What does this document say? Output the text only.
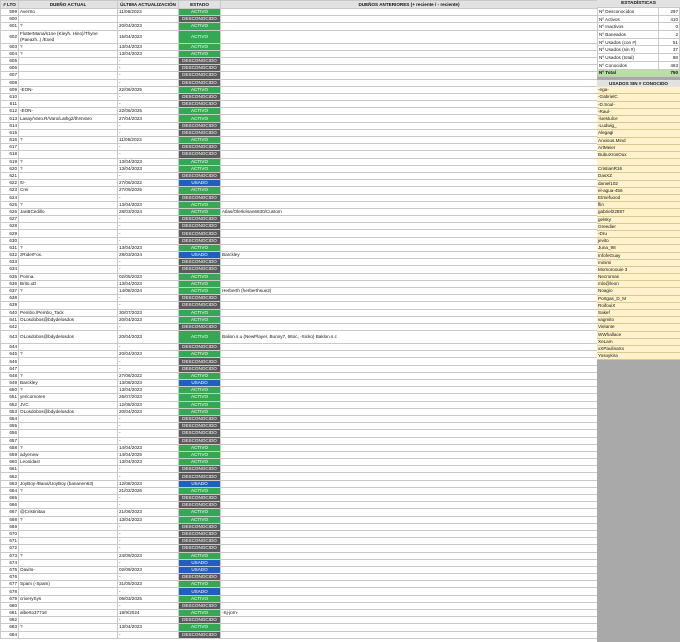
# LTO	DUEÑO ACTUAL	ÚLTIMA ACTUALIZACIÓN	ESTADO	DUEÑOS ANTERIORES (+ reciente / - reciente)
599	AverSo	11/06/2023	ACTIVO	
600			DESCONOCIDO	
601	?	20/04/2023	ACTIVO	
602	FlutterMana/s1ne (Kleyh. Hino)/Thyne (Paeazh..) /Exed	15/04/2023	ACTIVO	
603	?	13/04/2023	ACTIVO	
604	?	13/04/2023	ACTIVO	
605		-	DESCONOCIDO	
606		-	DESCONOCIDO	
607		-	DESCONOCIDO	
608		-	DESCONOCIDO	
609	-EON-	22/06/2025	ACTIVO	
610		-	DESCONOCIDO	
611		-	DESCONOCIDO	
612	-EON-	22/06/2025	ACTIVO	
613	Lasay/Varo.R/Varo/Lathg2/thrsVaro	27/04/2023	ACTIVO	
614		-	DESCONOCIDO	
615		-	DESCONOCIDO	
616	?	11/05/2023	ACTIVO	
617		-	DESCONOCIDO	
618		-	DESCONOCIDO	
619	?	13/04/2023	ACTIVO	
620	?	13/04/2023	ACTIVO	
621		-	DESCONOCIDO	
622	!tr-	27/06/2022	USADO	
623	Crei	27/09/2025	ACTIVO	
624		-	DESCONOCIDO	
625	?	13/04/2023	ACTIVO	
626	JanBCedillo	28/03/2024	ACTIVO	Atlas/Olerkrisan6630/Custom
627		-	DESCONOCIDO	
628		-	DESCONOCIDO	
629		-	DESCONOCIDO	
630		-	DESCONOCIDO	
631	?	13/04/2023	ACTIVO	
632	zRiderFox.	28/03/2024	USADO	Barckley
633		-	DESCONOCIDO	
634		-	DESCONOCIDO	
635	Ponna.	02/05/2023	ACTIVO	
636	Brito.xD	13/04/2023	ACTIVO	
637	?	14/08/2024	ACTIVO	Herberth (herberthsue2)
638		-	DESCONOCIDO	
639		-	DESCONOCIDO	
640	Pembo./Pembo_Tack	30/07/2023	ACTIVO	
641	OLosdobos@bdydelosdos	20/04/2023	ACTIVO	
642		-	DESCONOCIDO	
643	OLosdobos@bdydelosdos	20/04/2023	ACTIVO	Balion.s.u (NewPlayer, Bunny7, 66oc, -Sicko) Baklon.s.c
644		-	DESCONOCIDO	
645	?	20/04/2023	ACTIVO	
646		-	DESCONOCIDO	
647		-	DESCONOCIDO	
648	?	27/06/2022	ACTIVO	
649	Barckley	13/08/2023	USADO	
650	?	13/04/2023	ACTIVO	
651	yericomoren	26/07/2023	ACTIVO	
652	JVC	12/08/2023	ACTIVO	
653	OLosdobos@bdydelosdos	20/04/2023	ACTIVO	
654		-	DESCONOCIDO	
655		-	DESCONOCIDO	
656		-	DESCONOCIDO	
657		-	DESCONOCIDO	
658	?	14/04/2023	ACTIVO	
659	adyenew	14/04/2025	ACTIVO	
660	Leonidas!	13/04/2023	ACTIVO	
661		-	DESCONOCIDO	
662		-	DESCONOCIDO	
663	JoyBoy-/Bana/UoyBoy (bananen63)	12/08/2023	USADO	
664	?	21/02/2026	ACTIVO	
665		-	DESCONOCIDO	
666		-	DESCONOCIDO	
667	@Cristinitaa	21/06/2023	ACTIVO	
668	?	13/04/2023	ACTIVO	
669		-	DESCONOCIDO	
670		-	DESCONOCIDO	
671		-	DESCONOCIDO	
672		-	DESCONOCIDO	
673	?	24/09/2023	ACTIVO	
674		-	USADO	
675	Oavito-	02/09/2023	USADO	
676		-	DESCONOCIDO	
677	Spam (-Spam)	31/05/2023	ACTIVO	
678		-	USADO	
679	crixerySys	06/03/2025	ACTIVO	
680		-	DESCONOCIDO	
681	alberto37716	18/9/2024	ACTIVO	-Sj-jorn-
682		-	DESCONOCIDO	
683	?	13/04/2023	ACTIVO	
684		-	DESCONOCIDO	
ESTADÍSTICAS
Nº Desconocidos	297
Nº Activos	410
Nº Inactivos	0
Nº Baneados	2
Nº Usados (con #)	51
Nº Usados (sin #)	37
Nº Usados (total)	88
Nº Conocidos	463
Nº Total	750
USADOS SIN # CONOCIDO
-ega-
-GabrielC
-D.Soul-
-Raul-
-luestulce
-Ludwig_
Alegagi
Anxious.Mind
ArtMeier
BubuXrosOux
CristianR16
DasXZ
daniel102
el-agua-456
Etmefuood
flin
gabriel22887
gelsky
Greedier
-Dru
jevito
Juna_98
InfofeGuay
minimi
Momoroouie 3
Necromas
mlo@leon
Noagio
Portgas_D_M
RoifouiX
Sakef
vagmito
Vielante
WWhallace
XeLam
xXPaulinaXx
Yosoykira
